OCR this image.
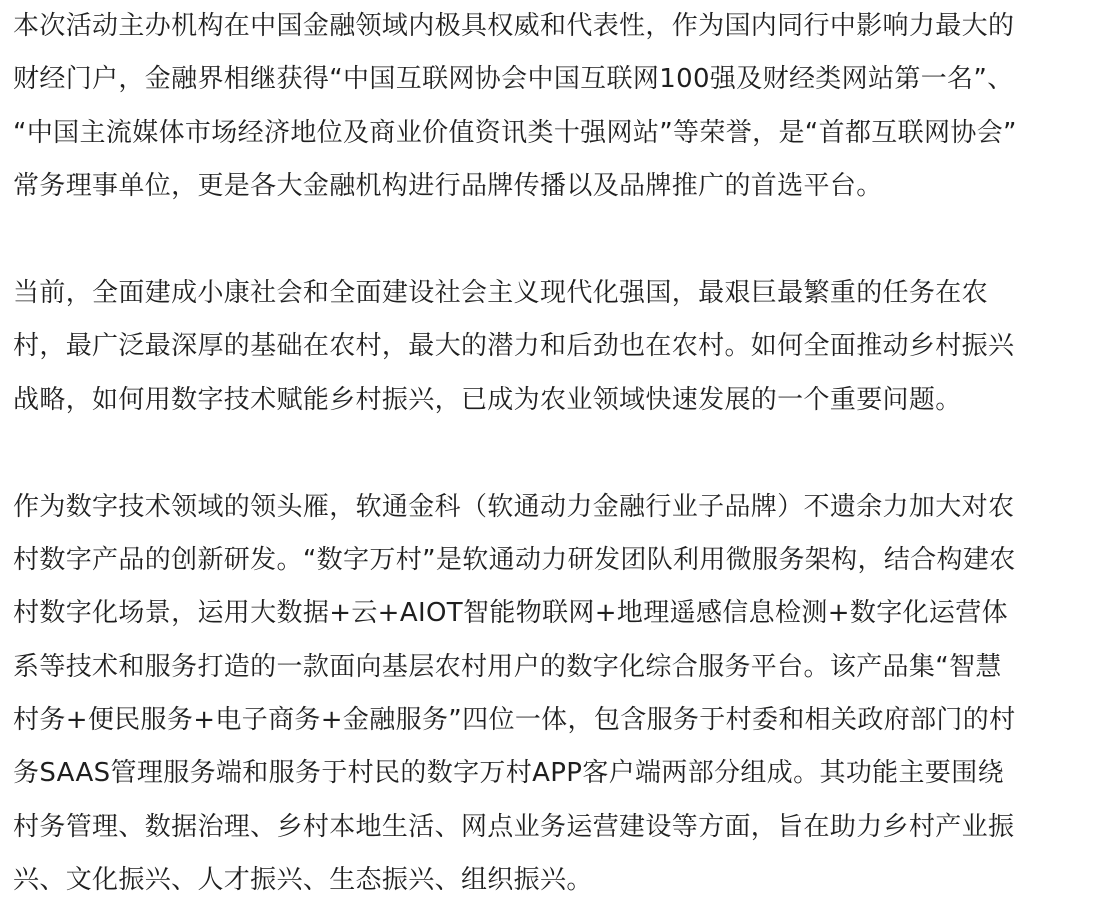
本次活动主办机构在中国金融领域内极具权威和代表性，作为国内同行中影响力最大的
财经门户，金融界相继获得“中国互联网协会中国互联网100强及财经类网站第一名”、
“中国主流媒体市场经济地位及商业价值资讯类十强网站”等荣誉，是“首都互联网协会”
常务理事单位，更是各大金融机构进行品牌传播以及品牌推广的首选平台。
当前，全面建成小康社会和全面建设社会主义现代化强国，最艰巨最繁重的任务在农
村，最广泛最深厚的基础在农村，最大的潜力和后劲也在农村。如何全面推动乡村振兴
战略，如何用数字技术赋能乡村振兴，已成为农业领域快速发展的一个重要问题。
作为数字技术领域的领头雁，软通金科（软通动力金融行业子品牌）不遗余力加大对农
村数字产品的创新研发。“数字万村”是软通动力研发团队利用微服务架构，结合构建农
村数字化场景，运用大数据+云+AIOT智能物联网+地理遥感信息检测+数字化运营体
系等技术和服务打造的一款面向基层农村用户的数字化综合服务平台。该产品集“智慧
村务+便民服务+电子商务+金融服务”四位一体，包含服务于村委和相关政府部门的村
务SAAS管理服务端和服务于村民的数字万村APP客户端两部分组成。其功能主要围绕
村务管理、数据治理、乡村本地生活、网点业务运营建设等方面，旨在助力乡村产业振
兴、文化振兴、人才振兴、生态振兴、组织振兴。
